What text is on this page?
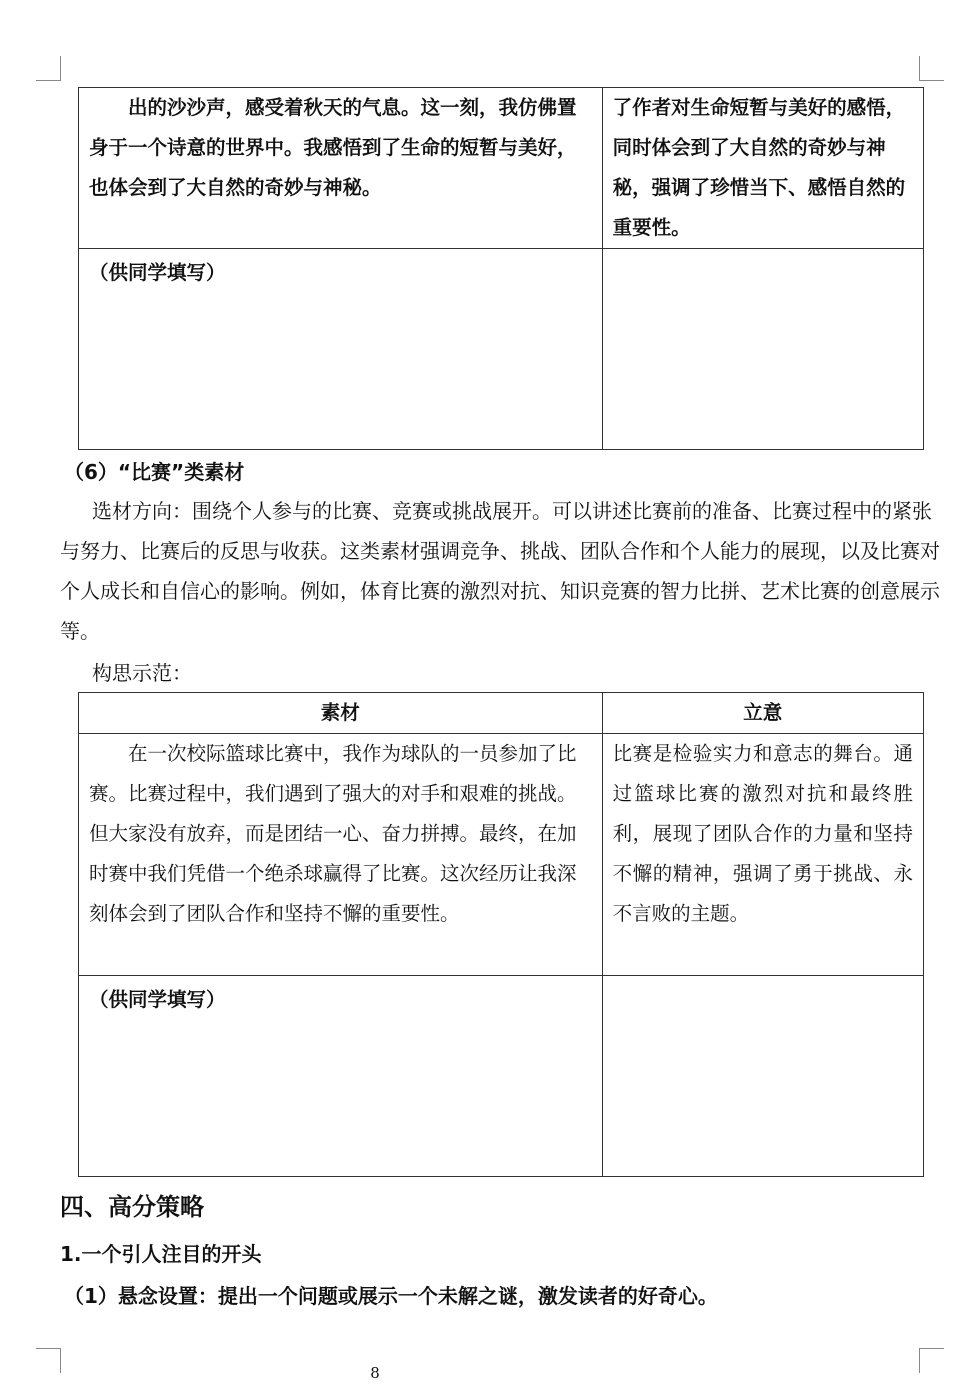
出的沙沙声，感受着秋天的气息。这一刻，我仿佛置身于一个诗意的世界中。我感悟到了生命的短暂与美好，也体会到了大自然的奇妙与神秘。	了作者对生命短暂与美好的感悟，同时体会到了大自然的奇妙与神秘，强调了珍惜当下、感悟自然的重要性。
（供同学填写）	
（6）“比赛”类素材
选材方向：围绕个人参与的比赛、竞赛或挑战展开。可以讲述比赛前的准备、比赛过程中的紧张与努力、比赛后的反思与收获。这类素材强调竞争、挑战、团队合作和个人能力的展现，以及比赛对个人成长和自信心的影响。例如，体育比赛的激烈对抗、知识竞赛的智力比拼、艺术比赛的创意展示等。
构思示范：
素材	立意
在一次校际篮球比赛中，我作为球队的一员参加了比赛。比赛过程中，我们遇到了强大的对手和艰难的挑战。但大家没有放弃，而是团结一心、奋力拼搏。最终，在加时赛中我们凭借一个绝杀球赢得了比赛。这次经历让我深刻体会到了团队合作和坚持不懈的重要性。	比赛是检验实力和意志的舞台。通过篮球比赛的激烈对抗和最终胜利，展现了团队合作的力量和坚持不懈的精神，强调了勇于挑战、永不言败的主题。
（供同学填写）	
四、高分策略
1.一个引人注目的开头
（1）悬念设置：提出一个问题或展示一个未解之谜，激发读者的好奇心。
8
